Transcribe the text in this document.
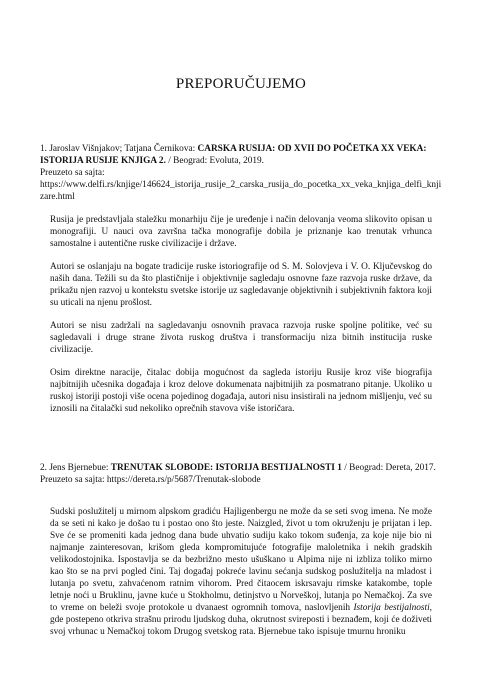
PREPORUČUJEMO

1. Jaroslav Višnjakov; Tatjana Černikova: CARSKA RUSIJA: OD XVII DO POČETKA XX VEKA: ISTORIJA RUSIJE KNJIGA 2. / Beograd: Evoluta, 2019.

Preuzeto sa sajta:

https://www.delfi.rs/knjige/146624_istorija_rusije_2_carska_rusija_do_pocetka_xx_veka_knjiga_delfi_knjizare.html

Rusija je predstavljala staležku monarhiju čije je uređenje i način delovanja veoma slikovito opisan u monografiji. U nauci ova završna tačka monografije dobila je priznanje kao trenutak vrhunca samostalne i autentične ruske civilizacije i države.

Autori se oslanjaju na bogate tradicije ruske istoriografije od S. M. Solovjeva i V. O. Ključevskog do naših dana. Težili su da što plastičnije i objektivnije sagledaju osnovne faze razvoja ruske države, da prikažu njen razvoj u kontekstu svetske istorije uz sagledavanje objektivnih i subjektivnih faktora koji su uticali na njenu prošlost.

Autori se nisu zadržali na sagledavanju osnovnih pravaca razvoja ruske spoljne politike, već su sagledavali i druge strane života ruskog društva i transformaciju niza bitnih institucija ruske civilizacije.

Osim direktne naracije, čitalac dobija mogućnost da sagleda istoriju Rusije kroz više biografija najbitnijih učesnika događaja i kroz delove dokumenata najbitnijih za posmatrano pitanje. Ukoliko u ruskoj istoriji postoji više ocena pojedinog događaja, autori nisu insistirali na jednom mišljenju, već su iznosili na čitalački sud nekoliko oprečnih stavova više istoričara.

2. Jens Bjernebue: TRENUTAK SLOBODE: ISTORIJA BESTIJALNOSTI 1 / Beograd: Dereta, 2017.

Preuzeto sa sajta: https://dereta.rs/p/5687/Trenutak-slobode

Sudski poslužitelj u mirnom alpskom gradiću Hajligenbergu ne može da se seti svog imena. Ne može da se seti ni kako je došao tu i postao ono što jeste. Naizgled, život u tom okruženju je prijatan i lep. Sve će se promeniti kada jednog dana bude uhvatio sudiju kako tokom suđenja, za koje nije bio ni najmanje zainteresovan, krišom gleda kompromitujuće fotografije maloletnika i nekih gradskih velikodostojnika. Ispostavlja se da bezbrižno mesto ušuškano u Alpima nije ni izbliza toliko mirno kao što se na prvi pogled čini. Taj događaj pokreće lavinu sećanja sudskog poslužitelja na mladost i lutanja po svetu, zahvaćenom ratnim vihorom. Pred čitaocem iskrsavaju rimske katakombe, tople letnje noći u Bruklinu, javne kuće u Stokholmu, detinjstvo u Norveškoj, lutanja po Nemačkoj. Za sve to vreme on beleži svoje protokole u dvanaest ogromnih tomova, naslovljenih Istorija bestijalnosti, gde postepeno otkriva strašnu prirodu ljudskog duha, okrutnost svireposti i beznađem, koji će doživeti svoj vrhunac u Nemačkoj tokom Drugog svetskog rata. Bjernebue tako ispisuje tmurnu hroniku
